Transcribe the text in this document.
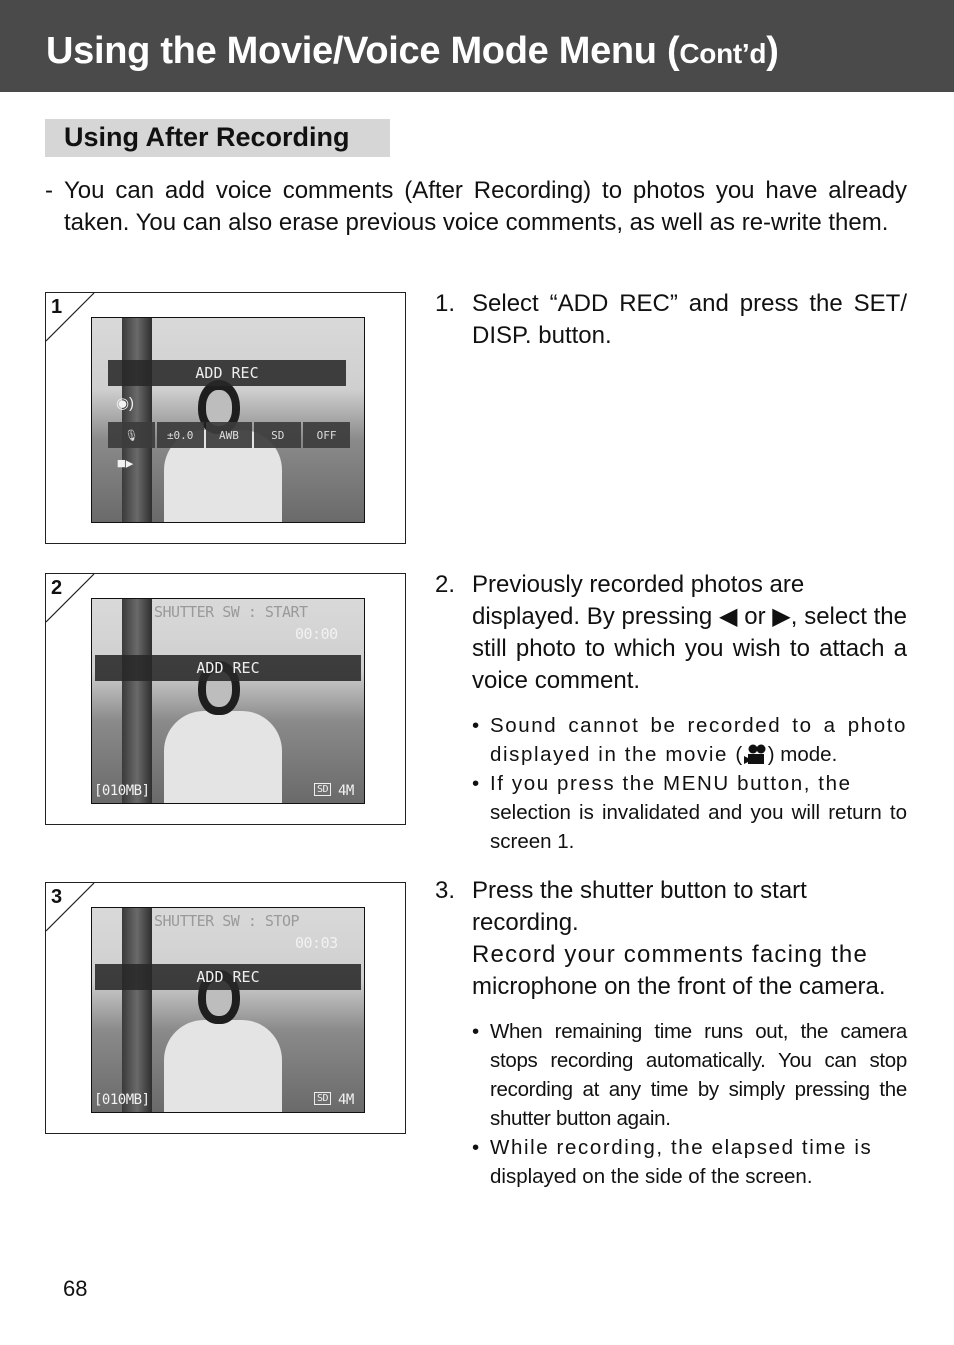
Using the Movie/Voice Mode Menu (Cont’d)
Using After Recording
- You can add voice comments (After Recording) to photos you have already taken. You can also erase previous voice comments, as well as re-write them.
1
ADD REC
◉)
🎙	±0.0	AWB	SD	OFF
■▸
1. Select “ADD REC” and press the SET/ DISP. button.
2
SHUTTER SW : START
00:00
ADD REC
[010MB]	SD 4M
2. Previously recorded photos are
displayed. By pressing ◀ or ▶, select the still photo to which you wish to attach a voice comment.
• Sound cannot be recorded to a photo displayed in the movie ( ) mode.
• If you press the MENU button, the
selection is invalidated and you will return to screen 1.
3
SHUTTER SW : STOP
00:03
ADD REC
[010MB]	SD 4M
3. Press the shutter button to start
recording.
Record your comments facing the
microphone on the front of the camera.
• When remaining time runs out, the camera stops recording automatically. You can stop recording at any time by simply pressing the shutter button again.
• While recording, the elapsed time is
displayed on the side of the screen.
68
